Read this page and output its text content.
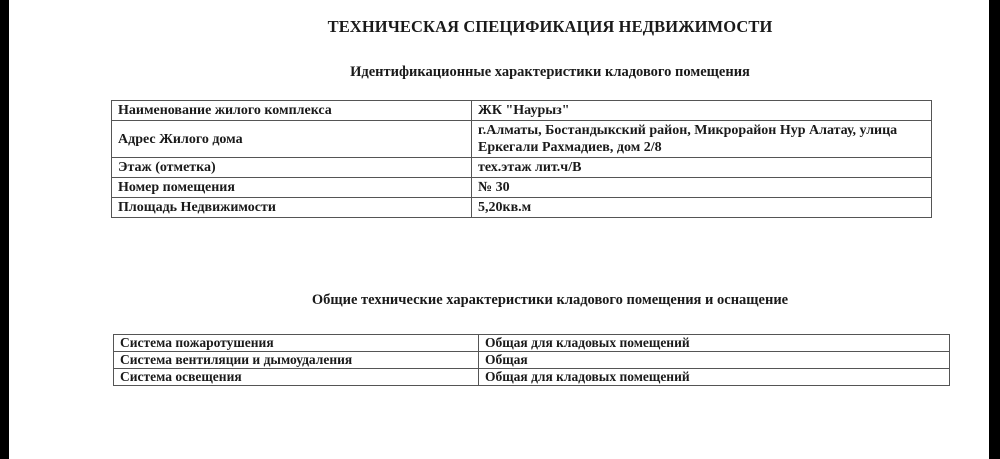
ТЕХНИЧЕСКАЯ СПЕЦИФИКАЦИЯ НЕДВИЖИМОСТИ
Идентификационные характеристики кладового помещения
Наименование жилого комплекса	ЖК "Наурыз"
Адрес Жилого дома	г.Алматы, Бостандыкский район, Микрорайон Нур Алатау, улица Еркегали Рахмадиев, дом 2/8
Этаж (отметка)	тех.этаж лит.ч/В
Номер помещения	№ 30
Площадь Недвижимости	5,20кв.м
Общие технические характеристики кладового помещения и оснащение
Система пожаротушения	Общая для кладовых помещений
Система вентиляции и дымоудаления	Общая
Система освещения	Общая для кладовых помещений
